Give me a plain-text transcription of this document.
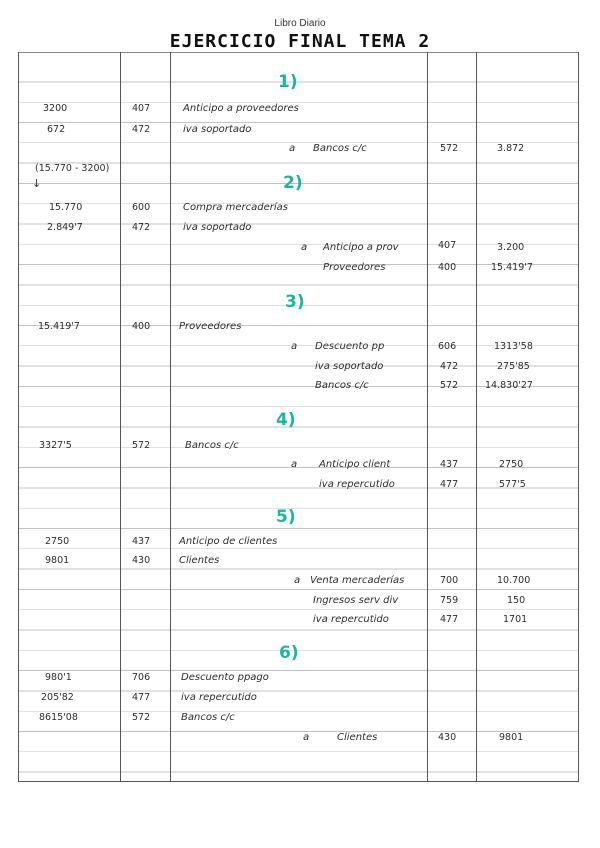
Libro Diario
EJERCICIO FINAL TEMA 2
1)
3200	407	Anticipo a proveedores
672	472	iva soportado
a Bancos c/c	572	3.872
(15.770 - 3200)
↓	2)
15.770	600	Compra mercaderías
2.849'7	472	iva soportado
a Anticipo a prov	407	3.200
Proveedores	400	15.419'7
3)
15.419'7	400	Proveedores
a Descuento pp	606	1313'58
iva soportado	472	275'85
Bancos c/c	572	14.830'27
4)
3327'5	572	Bancos c/c
a Anticipo client	437	2750
iva repercutido	477	577'5
5)
2750	437	Anticipo de clientes
9801	430	Clientes
a Venta mercaderías	700	10.700
Ingresos serv div	759	150
iva repercutido	477	1701
6)
980'1	706	Descuento ppago
205'82	477	iva repercutido
8615'08	572	Bancos c/c
a	Clientes	430	9801
